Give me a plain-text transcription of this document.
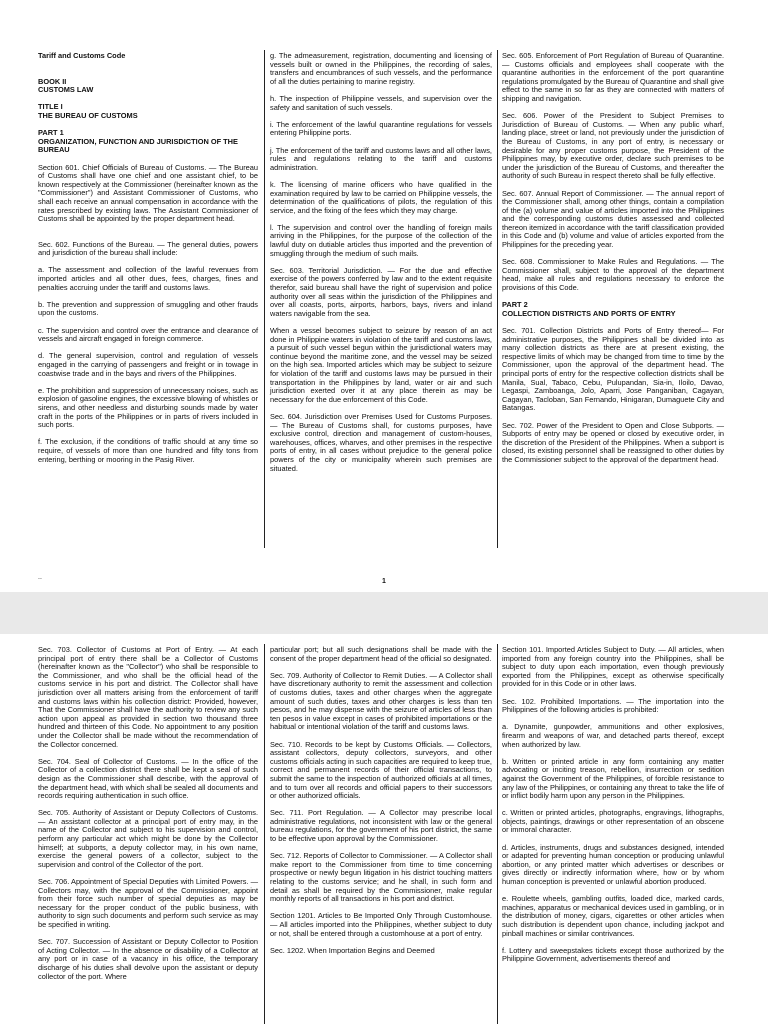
Tariff and Customs Code

BOOK II
CUSTOMS LAW

TITLE I
THE BUREAU OF CUSTOMS

PART 1
ORGANIZATION, FUNCTION AND JURISDICTION OF THE BUREAU

Section 601. Chief Officials of Bureau of Customs. — The Bureau of Customs shall have one chief and one assistant chief, to be known respectively at the Commissioner (hereinafter known as the "Commissioner") and Assistant Commissioner of Customs, who shall each receive an annual compensation in accordance with the rates prescribed by existing laws. The Assistant Commissioner of Customs shall be appointed by the proper department head.

Sec. 602. Functions of the Bureau. — The general duties, powers and jurisdiction of the bureau shall include:

a. The assessment and collection of the lawful revenues from imported articles and all other dues, fees, charges, fines and penalties accruing under the tariff and customs laws.

b. The prevention and suppression of smuggling and other frauds upon the customs.

c. The supervision and control over the entrance and clearance of vessels and aircraft engaged in foreign commerce.

d. The general supervision, control and regulation of vessels engaged in the carrying of passengers and freight or in towage in coastwise trade and in the bays and rivers of the Philippines.

e. The prohibition and suppression of unnecessary noises, such as explosion of gasoline engines, the excessive blowing of whistles or sirens, and other needless and disturbing sounds made by water craft in the ports of the Philippines or in parts of rivers included in such ports.

f. The exclusion, if the conditions of traffic should at any time so require, of vessels of more than one hundred and fifty tons from entering, berthing or mooring in the Pasig River.

g. The admeasurement, registration, documenting and licensing of vessels built or owned in the Philippines, the recording of sales, transfers and encumbrances of such vessels, and the performance of all the duties pertaining to marine registry.

h. The inspection of Philippine vessels, and supervision over the safety and sanitation of such vessels.

i. The enforcement of the lawful quarantine regulations for vessels entering Philippine ports.

j. The enforcement of the tariff and customs laws and all other laws, rules and regulations relating to the tariff and customs administration.

k. The licensing of marine officers who have qualified in the examination required by law to be carried on Philippine vessels, the determination of the qualifications of pilots, the regulation of this service, and the fixing of the fees which they may charge.

l. The supervision and control over the handling of foreign mails arriving in the Philippines, for the purpose of the collection of the lawful duty on dutiable articles thus imported and the prevention of smuggling through the medium of such mails.

Sec. 603. Territorial Jurisdiction. — For the due and effective exercise of the powers conferred by law and to the extent requisite therefor, said bureau shall have the right of supervision and police authority over all seas within the jurisdiction of the Philippines and over all coasts, ports, airports, harbors, bays, rivers and inland waters navigable from the sea.

When a vessel becomes subject to seizure by reason of an act done in Philippine waters in violation of the tariff and customs laws, a pursuit of such vessel begun within the jurisdictional waters may continue beyond the maritime zone, and the vessel may be seized on the high sea. Imported articles which may be subject to seizure for violation of the tariff and customs laws may be pursued in their transportation in the Philippines by land, water or air and such jurisdiction exerted over it at any place therein as may be necessary for the due enforcement of this Code.

Sec. 604. Jurisdiction over Premises Used for Customs Purposes. — The Bureau of Customs shall, for customs purposes, have exclusive control, direction and management of custom-houses, warehouses, offices, wharves, and other premises in the respective ports of entry, in all cases without prejudice to the general police powers of the city or municipality wherein such premises are situated.

Sec. 605. Enforcement of Port Regulation of Bureau of Quarantine. — Customs officials and employees shall cooperate with the quarantine authorities in the enforcement of the port quarantine regulations promulgated by the Bureau of Quarantine and shall give effect to the same in so far as they are connected with matters of shipping and navigation.

Sec. 606. Power of the President to Subject Premises to Jurisdiction of Bureau of Customs. — When any public wharf, landing place, street or land, not previously under the jurisdiction of the Bureau of Customs, in any port of entry, is necessary or desirable for any proper customs purpose, the President of the Philippines may, by executive order, declare such premises to be under the jurisdiction of the Bureau of Customs, and thereafter the authority of such Bureau in respect thereto shall be fully effective.

Sec. 607. Annual Report of Commissioner. — The annual report of the Commissioner shall, among other things, contain a compilation of the (a) volume and value of articles imported into the Philippines and the corresponding customs duties assessed and collected thereon itemized in accordance with the tariff classification provided in this Code and (b) volume and value of articles exported from the Philippines for the preceding year.

Sec. 608. Commissioner to Make Rules and Regulations. — The Commissioner shall, subject to the approval of the department head, make all rules and regulations necessary to enforce the provisions of this Code.

PART 2
COLLECTION DISTRICTS AND PORTS OF ENTRY

Sec. 701. Collection Districts and Ports of Entry thereof— For administrative purposes, the Philippines shall be divided into as many collection districts as there are at present existing, the respective limits of which may be changed from time to time by the Commissioner, upon the approval of the department head. The principal ports of entry for the respective collection districts shall be Manila, Sual, Tabaco, Cebu, Pulupandan, Sia-in, Iloilo, Davao, Legaspi, Zamboanga, Jolo, Aparri, Jose Panganiban, Cagayan, Cagayan, Tacloban, San Fernando, Hinigaran, Dumaguete City and Batangas.

Sec. 702. Power of the President to Open and Close Subports. — Subports of entry may be opened or closed by executive order, in the discretion of the President of the Philippines. When a subport is closed, its existing personnel shall be reassigned to other duties by the Commissioner subject to the approval of the department head.

..
1

Sec. 703. Collector of Customs at Port of Entry. — At each principal port of entry there shall be a Collector of Customs (hereinafter known as the "Collector") who shall be responsible to the Commissioner, and who shall be the official head of the customs service in his port and district. The Collector shall have jurisdiction over all matters arising from the enforcement of tariff and customs laws within his collection district: Provided, however, That the Commissioner shall have the authority to review any such action upon appeal as provided in section two thousand three hundred and thirteen of this Code. No appointment to any position under the Collector shall be made without the recommendation of the Collector concerned.

Sec. 704. Seal of Collector of Customs. — In the office of the Collector of a collection district there shall be kept a seal of such design as the Commissioner shall describe, with the approval of the department head, with which shall be sealed all documents and records requiring authentication in such office.

Sec. 705. Authority of Assistant or Deputy Collectors of Customs. — An assistant collector at a principal port of entry may, in the name of the Collector and subject to his supervision and control, perform any particular act which might be done by the Collector himself; at subports, a deputy collector may, in his own name, exercise the general powers of a collector, subject to the supervision and control of the Collector of the port.

Sec. 706. Appointment of Special Deputies with Limited Powers. — Collectors may, with the approval of the Commissioner, appoint from their force such number of special deputies as may be necessary for the proper conduct of the public business, with authority to sign such documents and perform such service as may be specified in writing.

Sec. 707. Succession of Assistant or Deputy Collector to Position of Acting Collector. — In the absence or disability of a Collector at any port or in case of a vacancy in his office, the temporary discharge of his duties shall devolve upon the assistant or deputy collector of the port. Where

particular port; but all such designations shall be made with the consent of the proper department head of the official so designated.

Sec. 709. Authority of Collector to Remit Duties. — A Collector shall have discretionary authority to remit the assessment and collection of customs duties, taxes and other charges when the aggregate amount of such duties, taxes and other charges is less than ten pesos, and he may dispense with the seizure of articles of less than ten pesos in value except in cases of prohibited importations or the habitual or intentional violation of the tariff and customs laws.

Sec. 710. Records to be kept by Customs Officials. — Collectors, assistant collectors, deputy collectors, surveyors, and other customs officials acting in such capacities are required to keep true, correct and permanent records of their official transactions, to submit the same to the inspection of authorized officials at all times, and to turn over all records and official papers to their successors or other authorized officials.

Sec. 711. Port Regulation. — A Collector may prescribe local administrative regulations, not inconsistent with law or the general bureau regulations, for the government of his port district, the same to be effective upon approval by the Commissioner.

Sec. 712. Reports of Collector to Commissioner. — A Collector shall make report to the Commissioner from time to time concerning prospective or newly begun litigation in his district touching matters relating to the customs service; and he shall, in such form and detail as shall be required by the Commissioner, make regular monthly reports of all transactions in his port and district.

Section 1201. Articles to Be Imported Only Through Customhouse. — All articles imported into the Philippines, whether subject to duty or not, shall be entered through a customhouse at a port of entry.

Sec. 1202. When Importation Begins and Deemed

Section 101. Imported Articles Subject to Duty. — All articles, when imported from any foreign country into the Philippines, shall be subject to duty upon each importation, even though previously exported from the Philippines, except as otherwise specifically provided for in this Code or in other laws.

Sec. 102. Prohibited Importations. — The importation into the Philippines of the following articles is prohibited:

a. Dynamite, gunpowder, ammunitions and other explosives, firearm and weapons of war, and detached parts thereof, except when authorized by law.

b. Written or printed article in any form containing any matter advocating or inciting treason, rebellion, insurrection or sedition against the Government of the Philippines, of forcible resistance to any law of the Philippines, or containing any threat to take the life of or inflict bodily harm upon any person in the Philippines.

c. Written or printed articles, photographs, engravings, lithographs, objects, paintings, drawings or other representation of an obscene or immoral character.

d. Articles, instruments, drugs and substances designed, intended or adapted for preventing human conception or producing unlawful abortion, or any printed matter which advertises or describes or gives directly or indirectly information where, how or by whom human conception is prevented or unlawful abortion produced.

e. Roulette wheels, gambling outfits, loaded dice, marked cards, machines, apparatus or mechanical devices used in gambling, or in the distribution of money, cigars, cigarettes or other articles when such distribution is dependent upon chance, including jackpot and pinball machines or similar contrivances.

f. Lottery and sweepstakes tickets except those authorized by the Philippine Government, advertisements thereof and
